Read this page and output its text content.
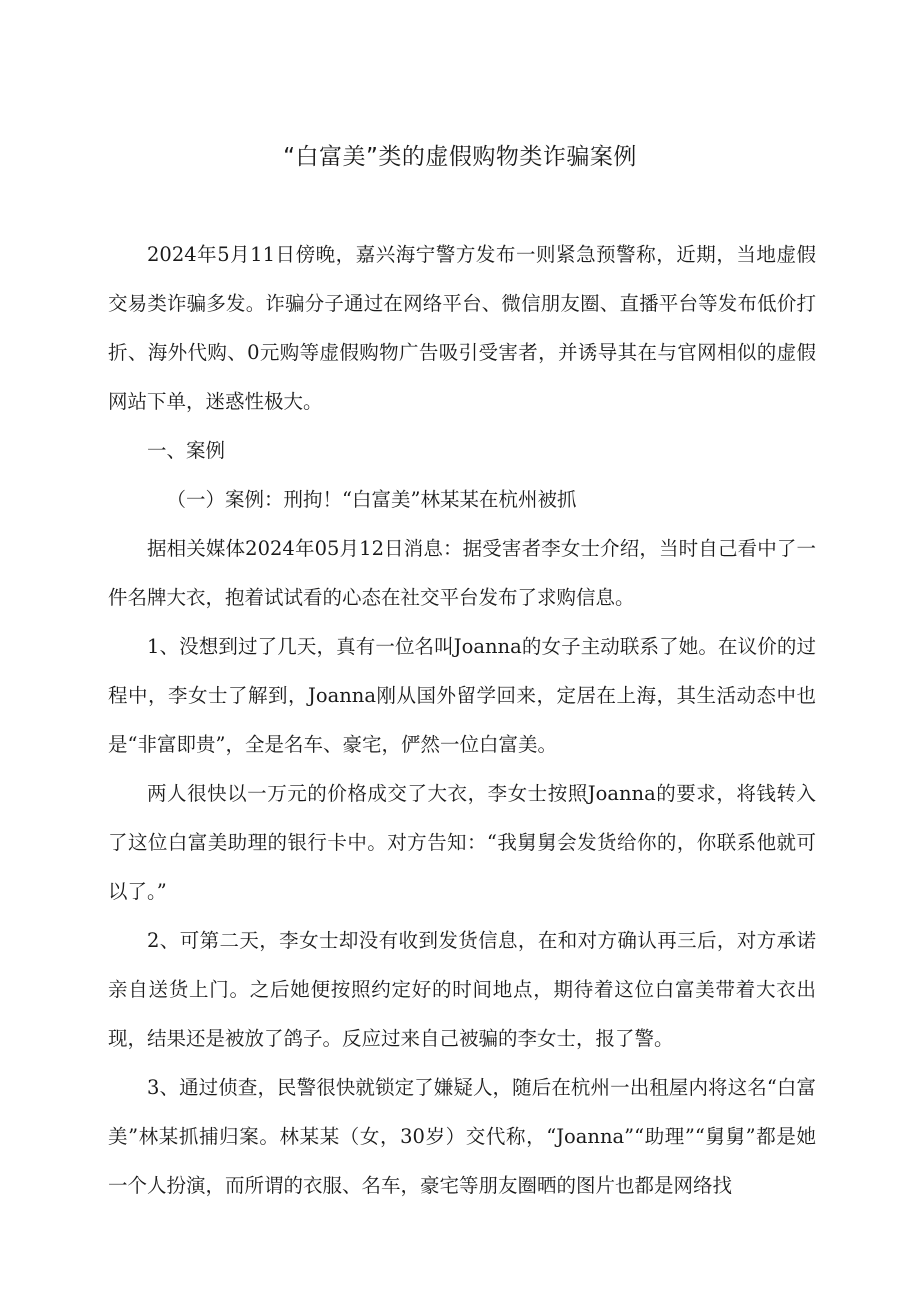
“白富美”类的虚假购物类诈骗案例

2024年5月11日傍晚，嘉兴海宁警方发布一则紧急预警称，近期，当地虚假交易类诈骗多发。诈骗分子通过在网络平台、微信朋友圈、直播平台等发布低价打折、海外代购、0元购等虚假购物广告吸引受害者，并诱导其在与官网相似的虚假网站下单，迷惑性极大。

一、案例

（一）案例：刑拘！“白富美”林某某在杭州被抓

据相关媒体2024年05月12日消息：据受害者李女士介绍，当时自己看中了一件名牌大衣，抱着试试看的心态在社交平台发布了求购信息。

1、没想到过了几天，真有一位名叫Joanna的女子主动联系了她。在议价的过程中，李女士了解到，Joanna刚从国外留学回来，定居在上海，其生活动态中也是“非富即贵”，全是名车、豪宅，俨然一位白富美。

两人很快以一万元的价格成交了大衣，李女士按照Joanna的要求，将钱转入了这位白富美助理的银行卡中。对方告知：“我舅舅会发货给你的，你联系他就可以了。”

2、可第二天，李女士却没有收到发货信息，在和对方确认再三后，对方承诺亲自送货上门。之后她便按照约定好的时间地点，期待着这位白富美带着大衣出现，结果还是被放了鸽子。反应过来自己被骗的李女士，报了警。

3、通过侦查，民警很快就锁定了嫌疑人，随后在杭州一出租屋内将这名“白富美”林某抓捕归案。林某某（女，30岁）交代称，“Joanna”“助理”“舅舅”都是她一个人扮演，而所谓的衣服、名车，豪宅等朋友圈晒的图片也都是网络找
